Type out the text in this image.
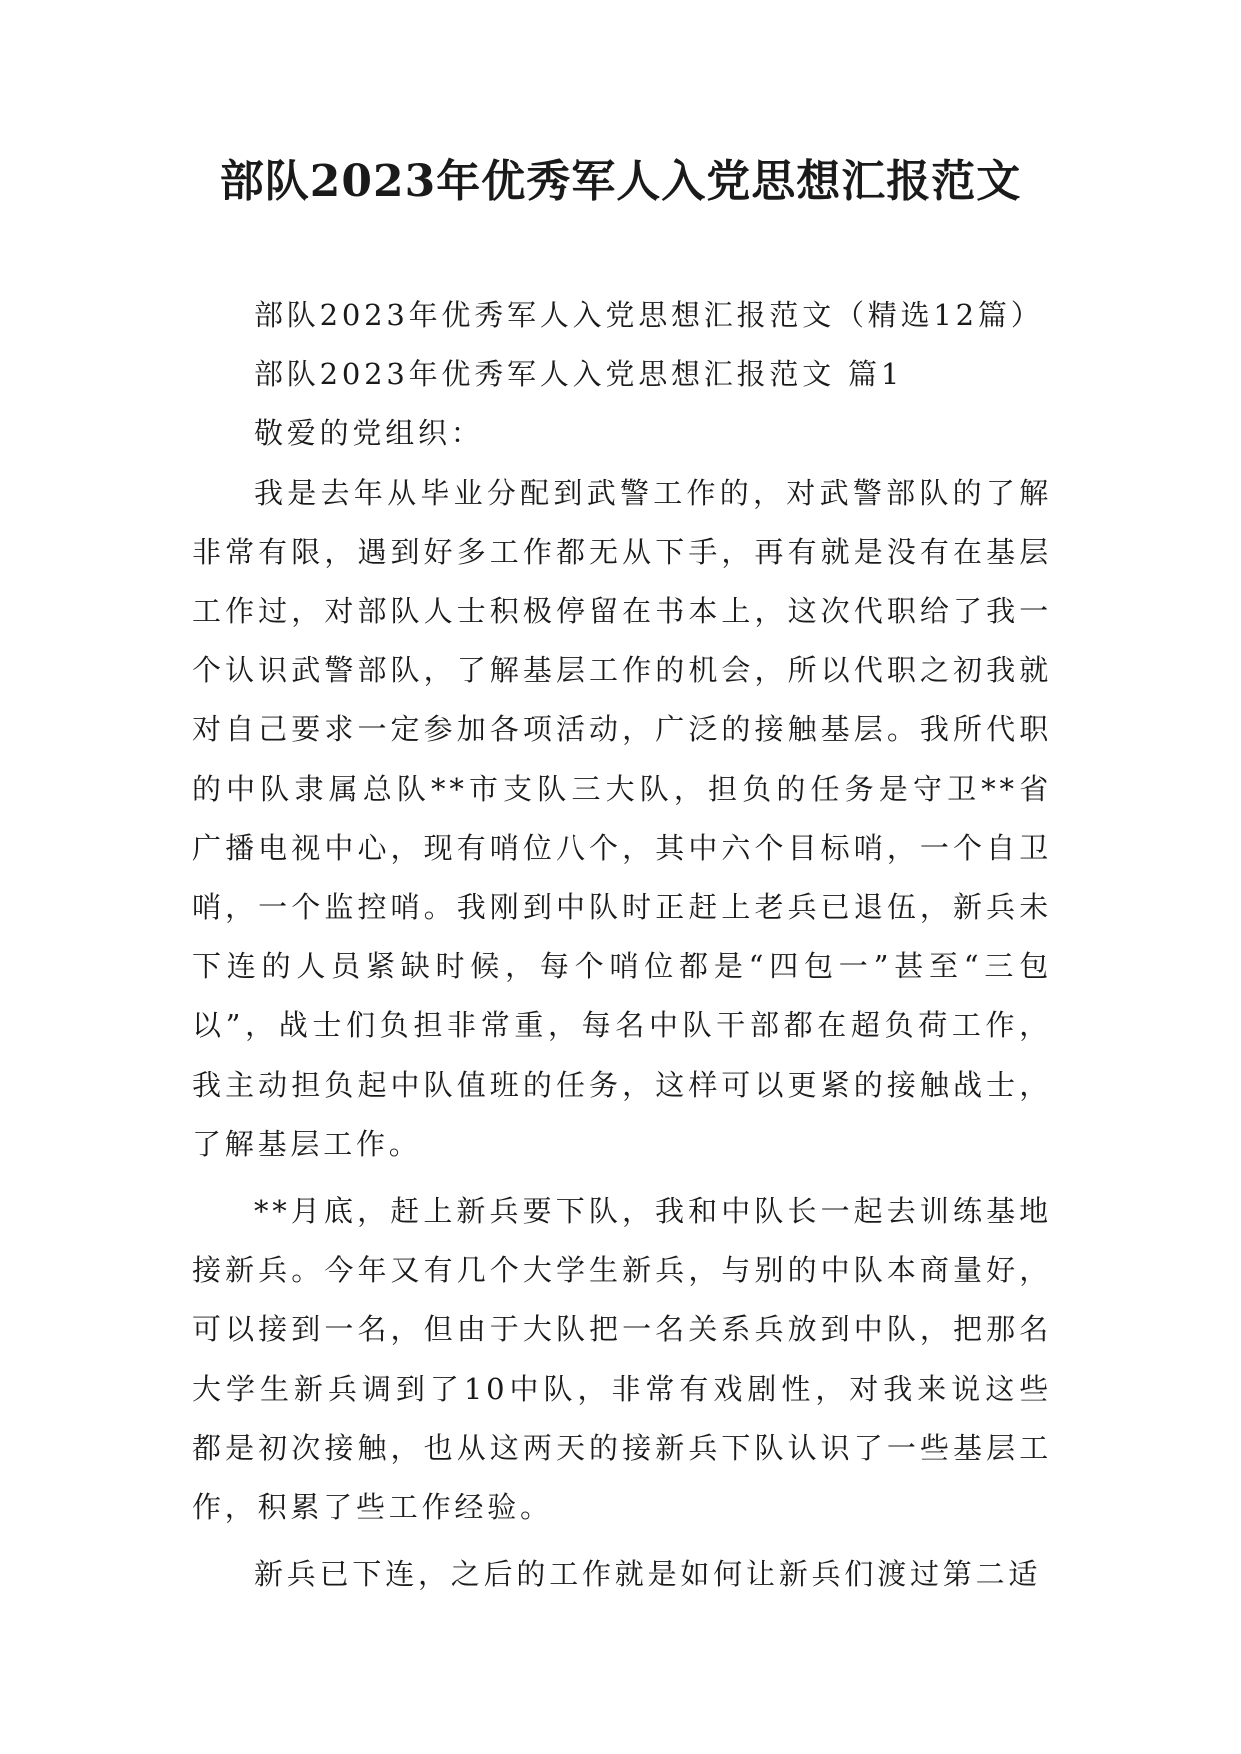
部队2023年优秀军人入党思想汇报范文

部队2023年优秀军人入党思想汇报范文（精选12篇）

部队2023年优秀军人入党思想汇报范文 篇1

敬爱的党组织：

我是去年从毕业分配到武警工作的，对武警部队的了解非常有限，遇到好多工作都无从下手，再有就是没有在基层工作过，对部队人士积极停留在书本上，这次代职给了我一个认识武警部队，了解基层工作的机会，所以代职之初我就对自己要求一定参加各项活动，广泛的接触基层。我所代职的中队隶属总队**市支队三大队，担负的任务是守卫**省广播电视中心，现有哨位八个，其中六个目标哨，一个自卫哨，一个监控哨。我刚到中队时正赶上老兵已退伍，新兵未下连的人员紧缺时候，每个哨位都是“四包一”甚至“三包以”，战士们负担非常重，每名中队干部都在超负荷工作，我主动担负起中队值班的任务，这样可以更紧的接触战士，了解基层工作。

**月底，赶上新兵要下队，我和中队长一起去训练基地接新兵。今年又有几个大学生新兵，与别的中队本商量好，可以接到一名，但由于大队把一名关系兵放到中队，把那名大学生新兵调到了10中队，非常有戏剧性，对我来说这些都是初次接触，也从这两天的接新兵下队认识了一些基层工作，积累了些工作经验。

新兵已下连，之后的工作就是如何让新兵们渡过第二适
